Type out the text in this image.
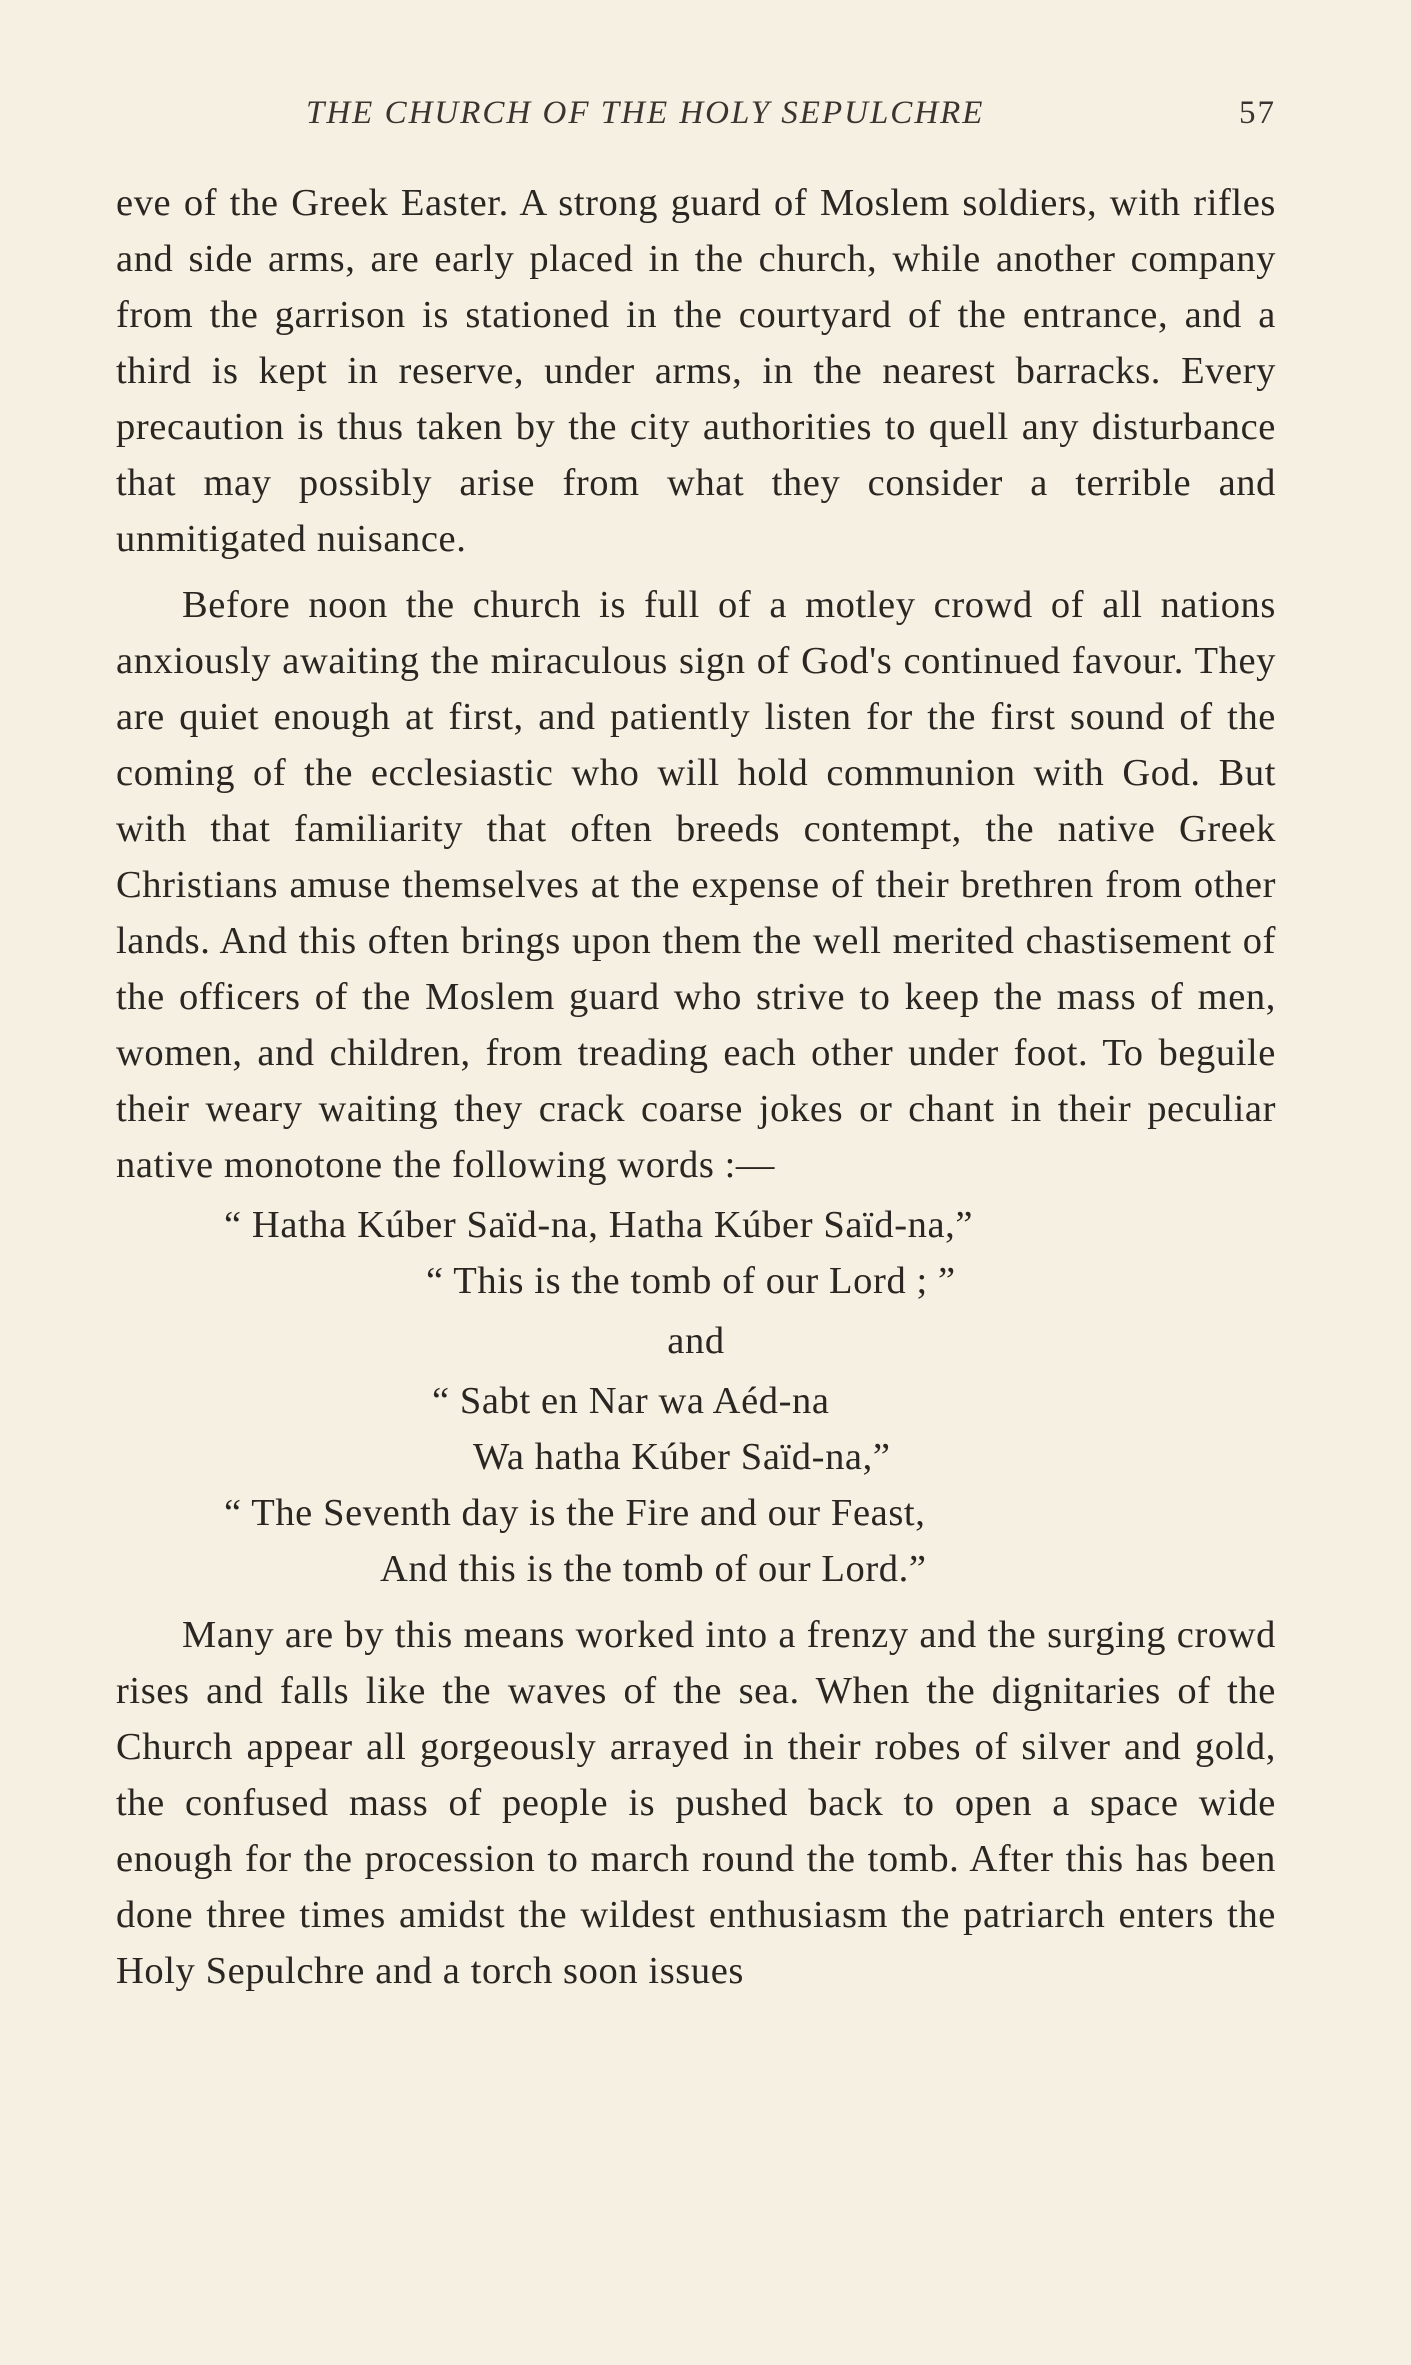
THE CHURCH OF THE HOLY SEPULCHRE	57

eve of the Greek Easter. A strong guard of Moslem soldiers, with rifles and side arms, are early placed in the church, while another company from the garrison is stationed in the courtyard of the entrance, and a third is kept in reserve, under arms, in the nearest barracks. Every precaution is thus taken by the city authorities to quell any disturbance that may possibly arise from what they consider a terrible and unmitigated nuisance.

Before noon the church is full of a motley crowd of all nations anxiously awaiting the miraculous sign of God's continued favour. They are quiet enough at first, and patiently listen for the first sound of the coming of the ecclesiastic who will hold communion with God. But with that familiarity that often breeds contempt, the native Greek Christians amuse themselves at the expense of their brethren from other lands. And this often brings upon them the well merited chastisement of the officers of the Moslem guard who strive to keep the mass of men, women, and children, from treading each other under foot. To beguile their weary waiting they crack coarse jokes or chant in their peculiar native monotone the following words :—

“ Hatha Kúber Saïd-na, Hatha Kúber Saïd-na,”
“ This is the tomb of our Lord ; ”
and
“ Sabt en Nar wa Aéd-na
Wa hatha Kúber Saïd-na,”
“ The Seventh day is the Fire and our Feast,
And this is the tomb of our Lord.”

Many are by this means worked into a frenzy and the surging crowd rises and falls like the waves of the sea. When the dignitaries of the Church appear all gorgeously arrayed in their robes of silver and gold, the confused mass of people is pushed back to open a space wide enough for the procession to march round the tomb. After this has been done three times amidst the wildest enthusiasm the patriarch enters the Holy Sepulchre and a torch soon issues
